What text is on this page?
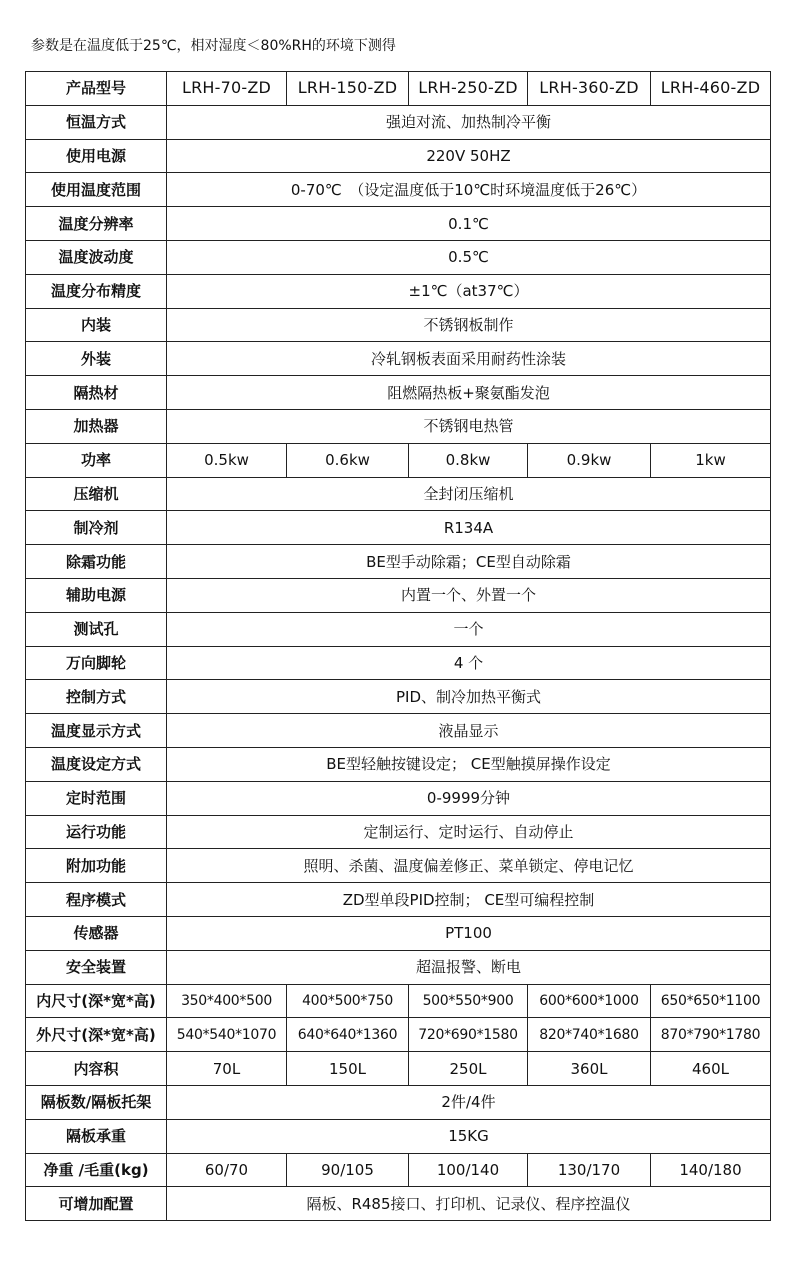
参数是在温度低于25℃，相对湿度＜80%RH的环境下测得
产品型号	LRH-70-ZD	LRH-150-ZD	LRH-250-ZD	LRH-360-ZD	LRH-460-ZD
恒温方式	强迫对流、加热制冷平衡				
使用电源	220V 50HZ				
使用温度范围	0-70℃　（设定温度低于10℃时环境温度低于26℃）				
温度分辨率	0.1℃				
温度波动度	0.5℃				
温度分布精度	±1℃（at37℃）				
内装	不锈钢板制作				
外装	冷轧钢板表面采用耐药性涂装				
隔热材	阻燃隔热板+聚氨酯发泡				
加热器	不锈钢电热管				
功率	0.5kw	0.6kw	0.8kw	0.9kw	1kw
压缩机	全封闭压缩机				
制冷剂	R134A				
除霜功能	BE型手动除霜；CE型自动除霜				
辅助电源	内置一个、外置一个				
测试孔	一个				
万向脚轮	4 个				
控制方式	PID、制冷加热平衡式				
温度显示方式	液晶显示				
温度设定方式	BE型轻触按键设定； CE型触摸屏操作设定				
定时范围	0-9999分钟				
运行功能	定制运行、定时运行、自动停止				
附加功能	照明、杀菌、温度偏差修正、菜单锁定、停电记忆				
程序模式	ZD型单段PID控制； CE型可编程控制				
传感器	PT100				
安全装置	超温报警、断电				
内尺寸(深*宽*高)	350*400*500	400*500*750	500*550*900	600*600*1000	650*650*1100
外尺寸(深*宽*高)	540*540*1070	640*640*1360	720*690*1580	820*740*1680	870*790*1780
内容积	70L	150L	250L	360L	460L
隔板数/隔板托架	2件/4件				
隔板承重	15KG				
净重 /毛重(kg)	60/70	90/105	100/140	130/170	140/180
可增加配置	隔板、R485接口、打印机、记录仪、程序控温仪				
